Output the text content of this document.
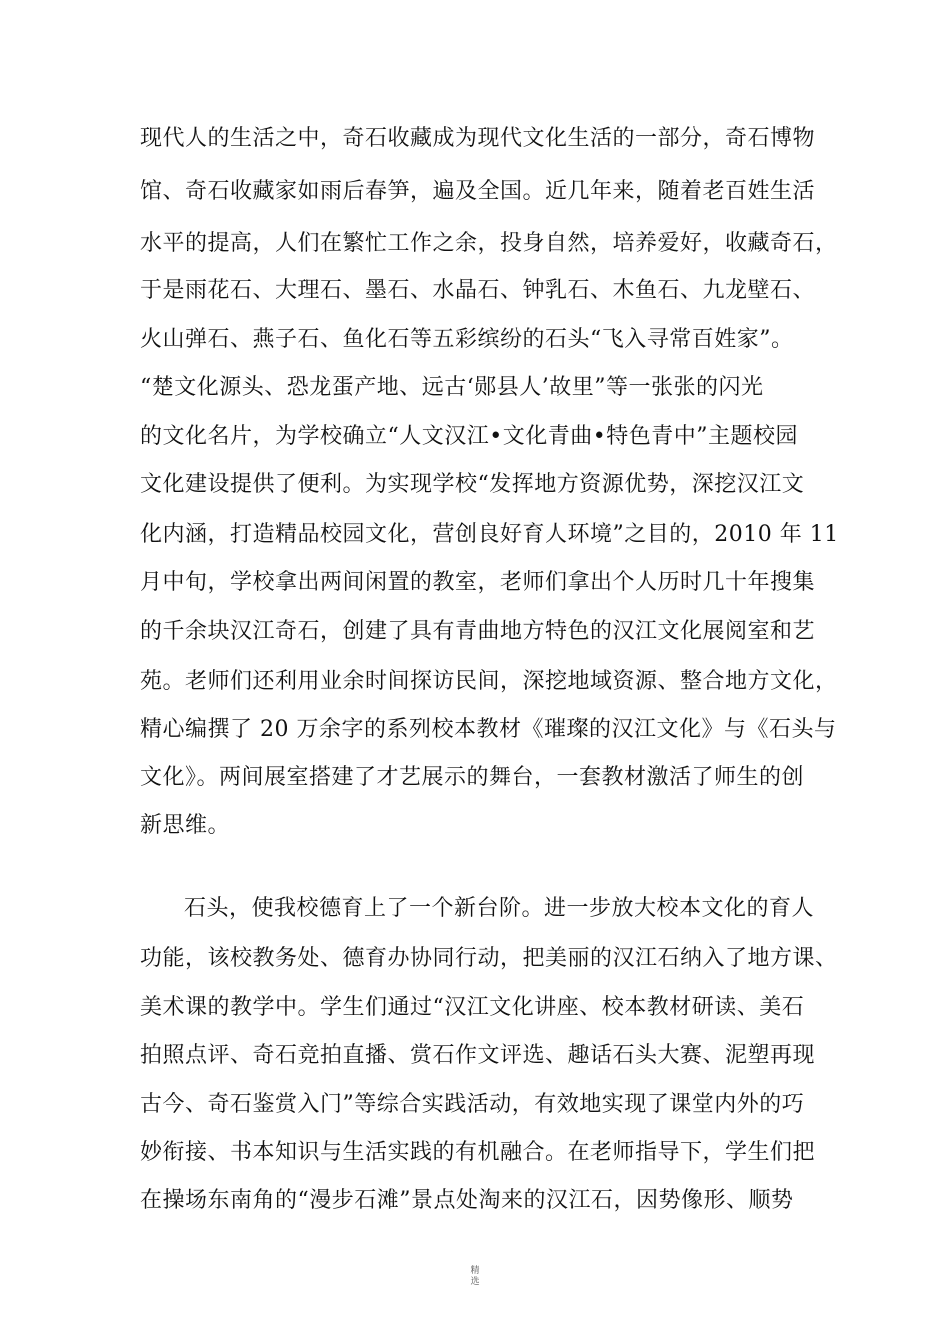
现代人的生活之中，奇石收藏成为现代文化生活的一部分，奇石博物
馆、奇石收藏家如雨后春笋，遍及全国。近几年来，随着老百姓生活
水平的提高，人们在繁忙工作之余，投身自然，培养爱好，收藏奇石，
于是雨花石、大理石、墨石、水晶石、钟乳石、木鱼石、九龙壁石、
火山弹石、燕子石、鱼化石等五彩缤纷的石头“飞入寻常百姓家”。
“楚文化源头、恐龙蛋产地、远古‘郧县人’故里”等一张张的闪光
的文化名片，为学校确立“人文汉江•文化青曲•特色青中”主题校园
文化建设提供了便利。为实现学校“发挥地方资源优势，深挖汉江文
化内涵，打造精品校园文化，营创良好育人环境”之目的，2010 年 11
月中旬，学校拿出两间闲置的教室，老师们拿出个人历时几十年搜集
的千余块汉江奇石，创建了具有青曲地方特色的汉江文化展阅室和艺
苑。老师们还利用业余时间探访民间，深挖地域资源、整合地方文化，
精心编撰了 20 万余字的系列校本教材《璀璨的汉江文化》与《石头与
文化》。两间展室搭建了才艺展示的舞台，一套教材激活了师生的创
新思维。
石头，使我校德育上了一个新台阶。进一步放大校本文化的育人
功能，该校教务处、德育办协同行动，把美丽的汉江石纳入了地方课、
美术课的教学中。学生们通过“汉江文化讲座、校本教材研读、美石
拍照点评、奇石竞拍直播、赏石作文评选、趣话石头大赛、泥塑再现
古今、奇石鉴赏入门”等综合实践活动，有效地实现了课堂内外的巧
妙衔接、书本知识与生活实践的有机融合。在老师指导下，学生们把
在操场东南角的“漫步石滩”景点处淘来的汉江石，因势像形、顺势
精
选
